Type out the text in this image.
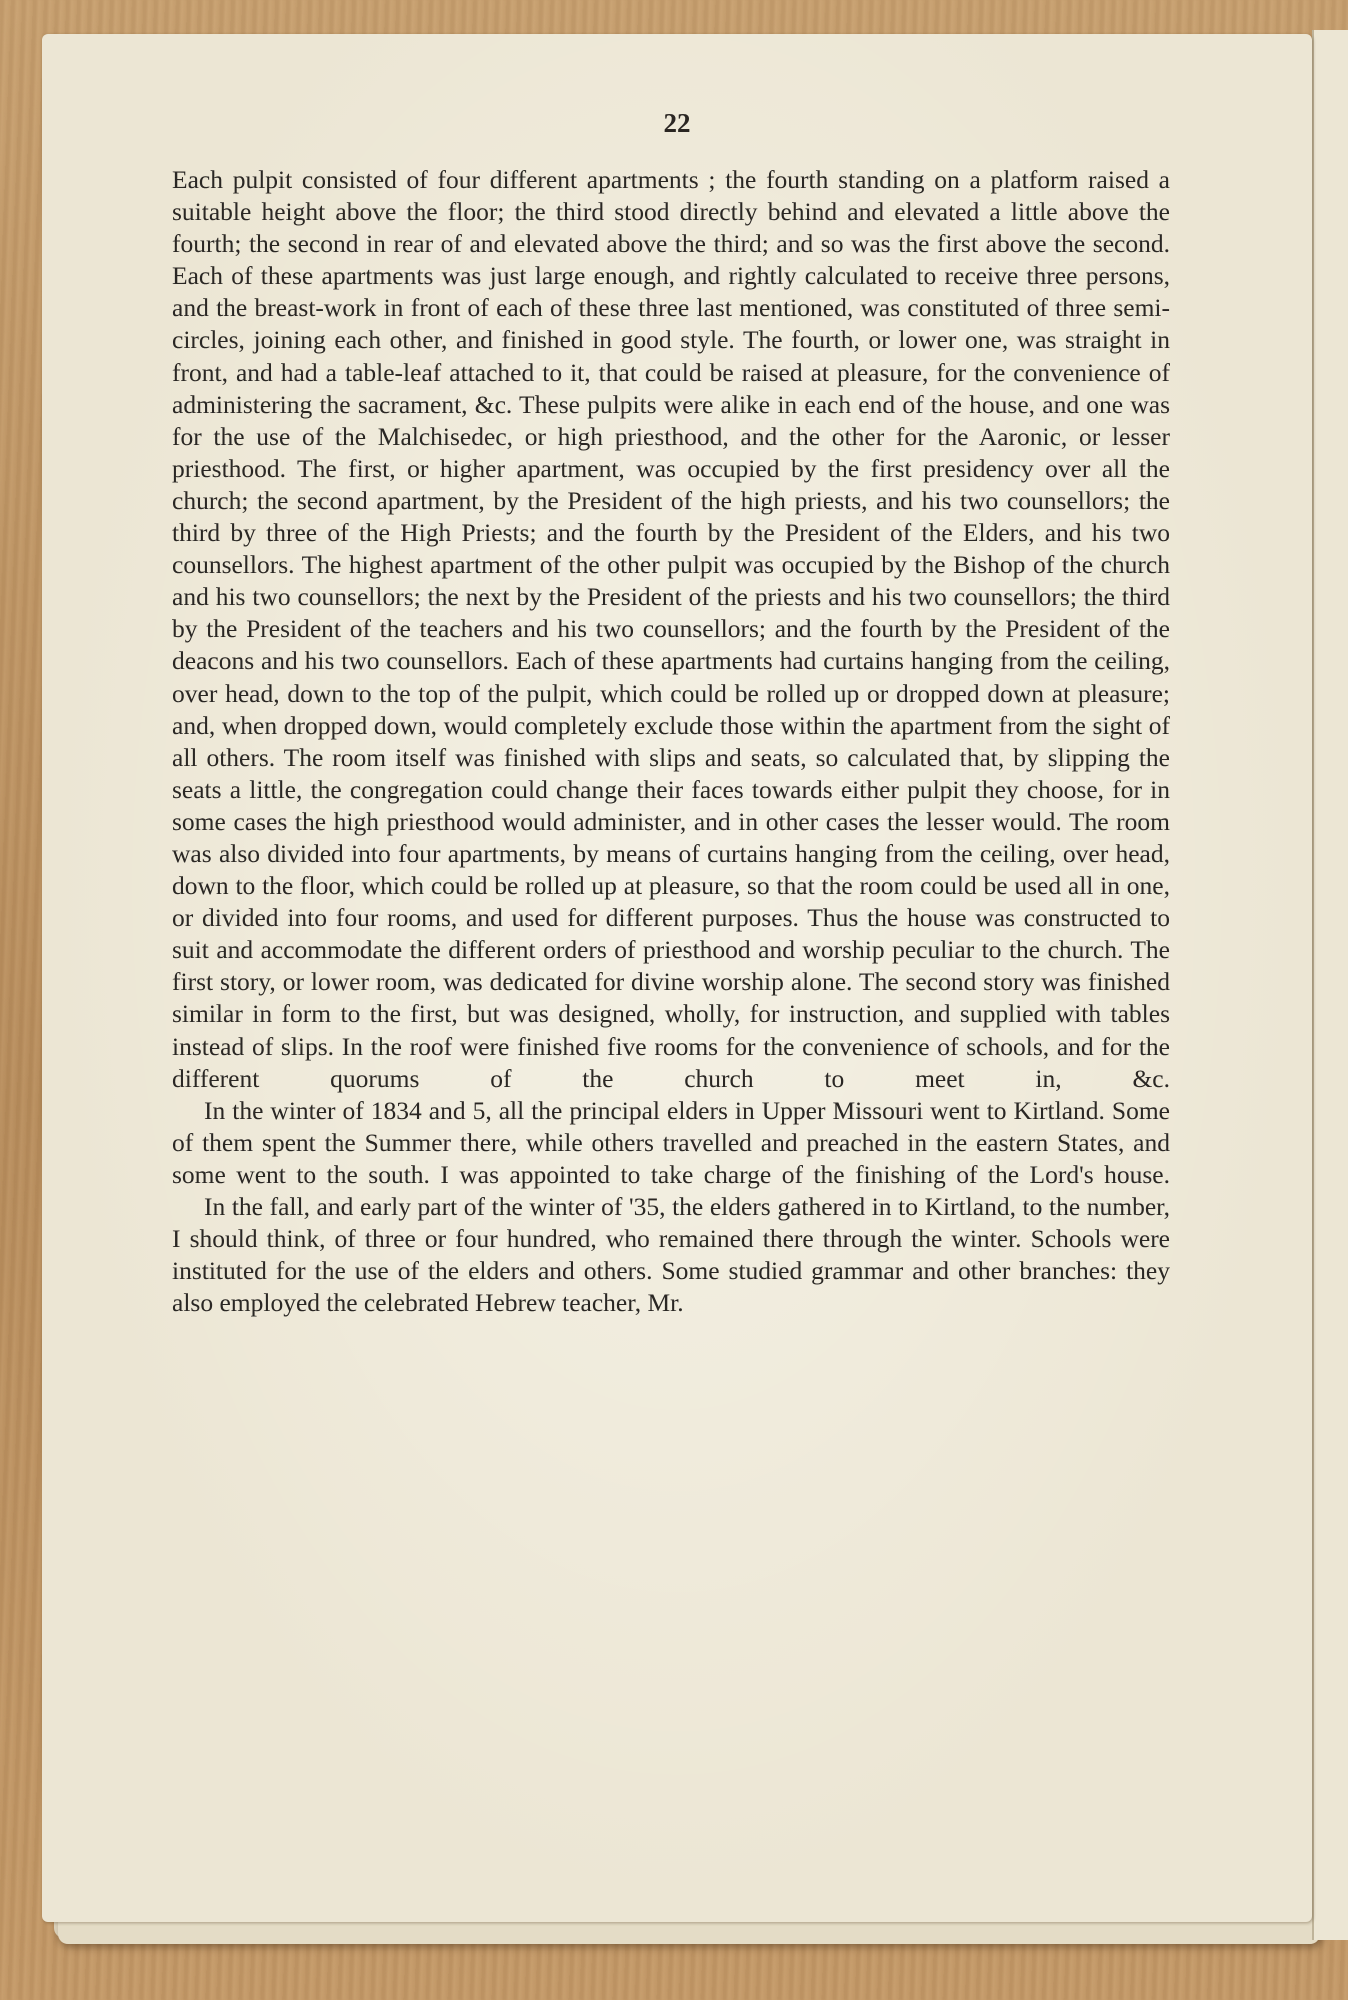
22

Each pulpit consisted of four different apartments ; the fourth standing on a platform raised a suitable height above the floor; the third stood directly behind and elevated a little above the fourth; the second in rear of and elevated above the third; and so was the first above the second. Each of these apartments was just large enough, and rightly calculated to receive three persons, and the breast-work in front of each of these three last mentioned, was constituted of three semi-circles, joining each other, and finished in good style. The fourth, or lower one, was straight in front, and had a table-leaf attached to it, that could be raised at pleasure, for the convenience of administering the sacrament, &c. These pulpits were alike in each end of the house, and one was for the use of the Malchisedec, or high priesthood, and the other for the Aaronic, or lesser priesthood. The first, or higher apartment, was occupied by the first presidency over all the church; the second apartment, by the President of the high priests, and his two counsellors; the third by three of the High Priests; and the fourth by the President of the Elders, and his two counsellors. The highest apartment of the other pulpit was occupied by the Bishop of the church and his two counsellors; the next by the President of the priests and his two counsellors; the third by the President of the teachers and his two counsellors; and the fourth by the President of the deacons and his two counsellors. Each of these apartments had curtains hanging from the ceiling, over head, down to the top of the pulpit, which could be rolled up or dropped down at pleasure; and, when dropped down, would completely exclude those within the apartment from the sight of all others. The room itself was finished with slips and seats, so calculated that, by slipping the seats a little, the congregation could change their faces towards either pulpit they choose, for in some cases the high priesthood would administer, and in other cases the lesser would. The room was also divided into four apartments, by means of curtains hanging from the ceiling, over head, down to the floor, which could be rolled up at pleasure, so that the room could be used all in one, or divided into four rooms, and used for different purposes. Thus the house was constructed to suit and accommodate the different orders of priesthood and worship peculiar to the church. The first story, or lower room, was dedicated for divine worship alone. The second story was finished similar in form to the first, but was designed, wholly, for instruction, and supplied with tables instead of slips. In the roof were finished five rooms for the convenience of schools, and for the different quorums of the church to meet in, &c.

In the winter of 1834 and 5, all the principal elders in Upper Missouri went to Kirtland. Some of them spent the Summer there, while others travelled and preached in the eastern States, and some went to the south. I was appointed to take charge of the finishing of the Lord's house.

In the fall, and early part of the winter of '35, the elders gathered in to Kirtland, to the number, I should think, of three or four hundred, who remained there through the winter. Schools were instituted for the use of the elders and others. Some studied grammar and other branches: they also employed the celebrated Hebrew teacher, Mr.
